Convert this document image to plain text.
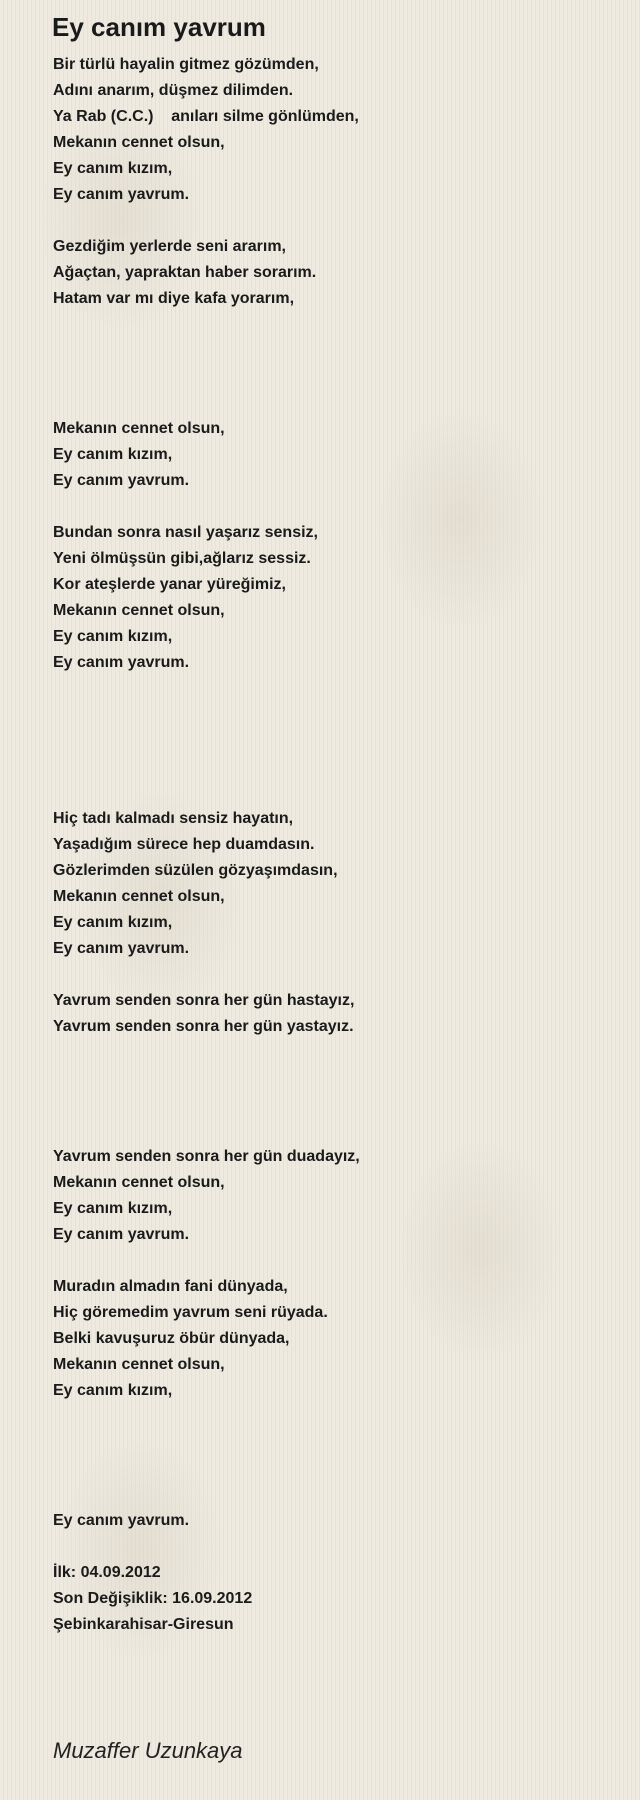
Ey canım yavrum
Bir türlü hayalin gitmez gözümden,
Adını anarım, düşmez dilimden.
Ya Rab (C.C.)    anıları silme gönlümden,
Mekanın cennet olsun,
Ey canım kızım,
Ey canım yavrum.
Gezdiğim yerlerde seni ararım,
Ağaçtan, yapraktan haber sorarım.
Hatam var mı diye kafa yorarım,
Mekanın cennet olsun,
Ey canım kızım,
Ey canım yavrum.
Bundan sonra nasıl yaşarız sensiz,
Yeni ölmüşsün gibi,ağlarız sessiz.
Kor ateşlerde yanar yüreğimiz,
Mekanın cennet olsun,
Ey canım kızım,
Ey canım yavrum.
Hiç tadı kalmadı sensiz hayatın,
Yaşadığım sürece hep duamdasın.
Gözlerimden süzülen gözyaşımdasın,
Mekanın cennet olsun,
Ey canım kızım,
Ey canım yavrum.
Yavrum senden sonra her gün hastayız,
Yavrum senden sonra her gün yastayız.
Yavrum senden sonra her gün duadayız,
Mekanın cennet olsun,
Ey canım kızım,
Ey canım yavrum.
Muradın almadın fani dünyada,
Hiç göremedim yavrum seni rüyada.
Belki kavuşuruz öbür dünyada,
Mekanın cennet olsun,
Ey canım kızım,
Ey canım yavrum.
İlk: 04.09.2012
Son Değişiklik: 16.09.2012
Şebinkarahisar-Giresun
Muzaffer Uzunkaya
